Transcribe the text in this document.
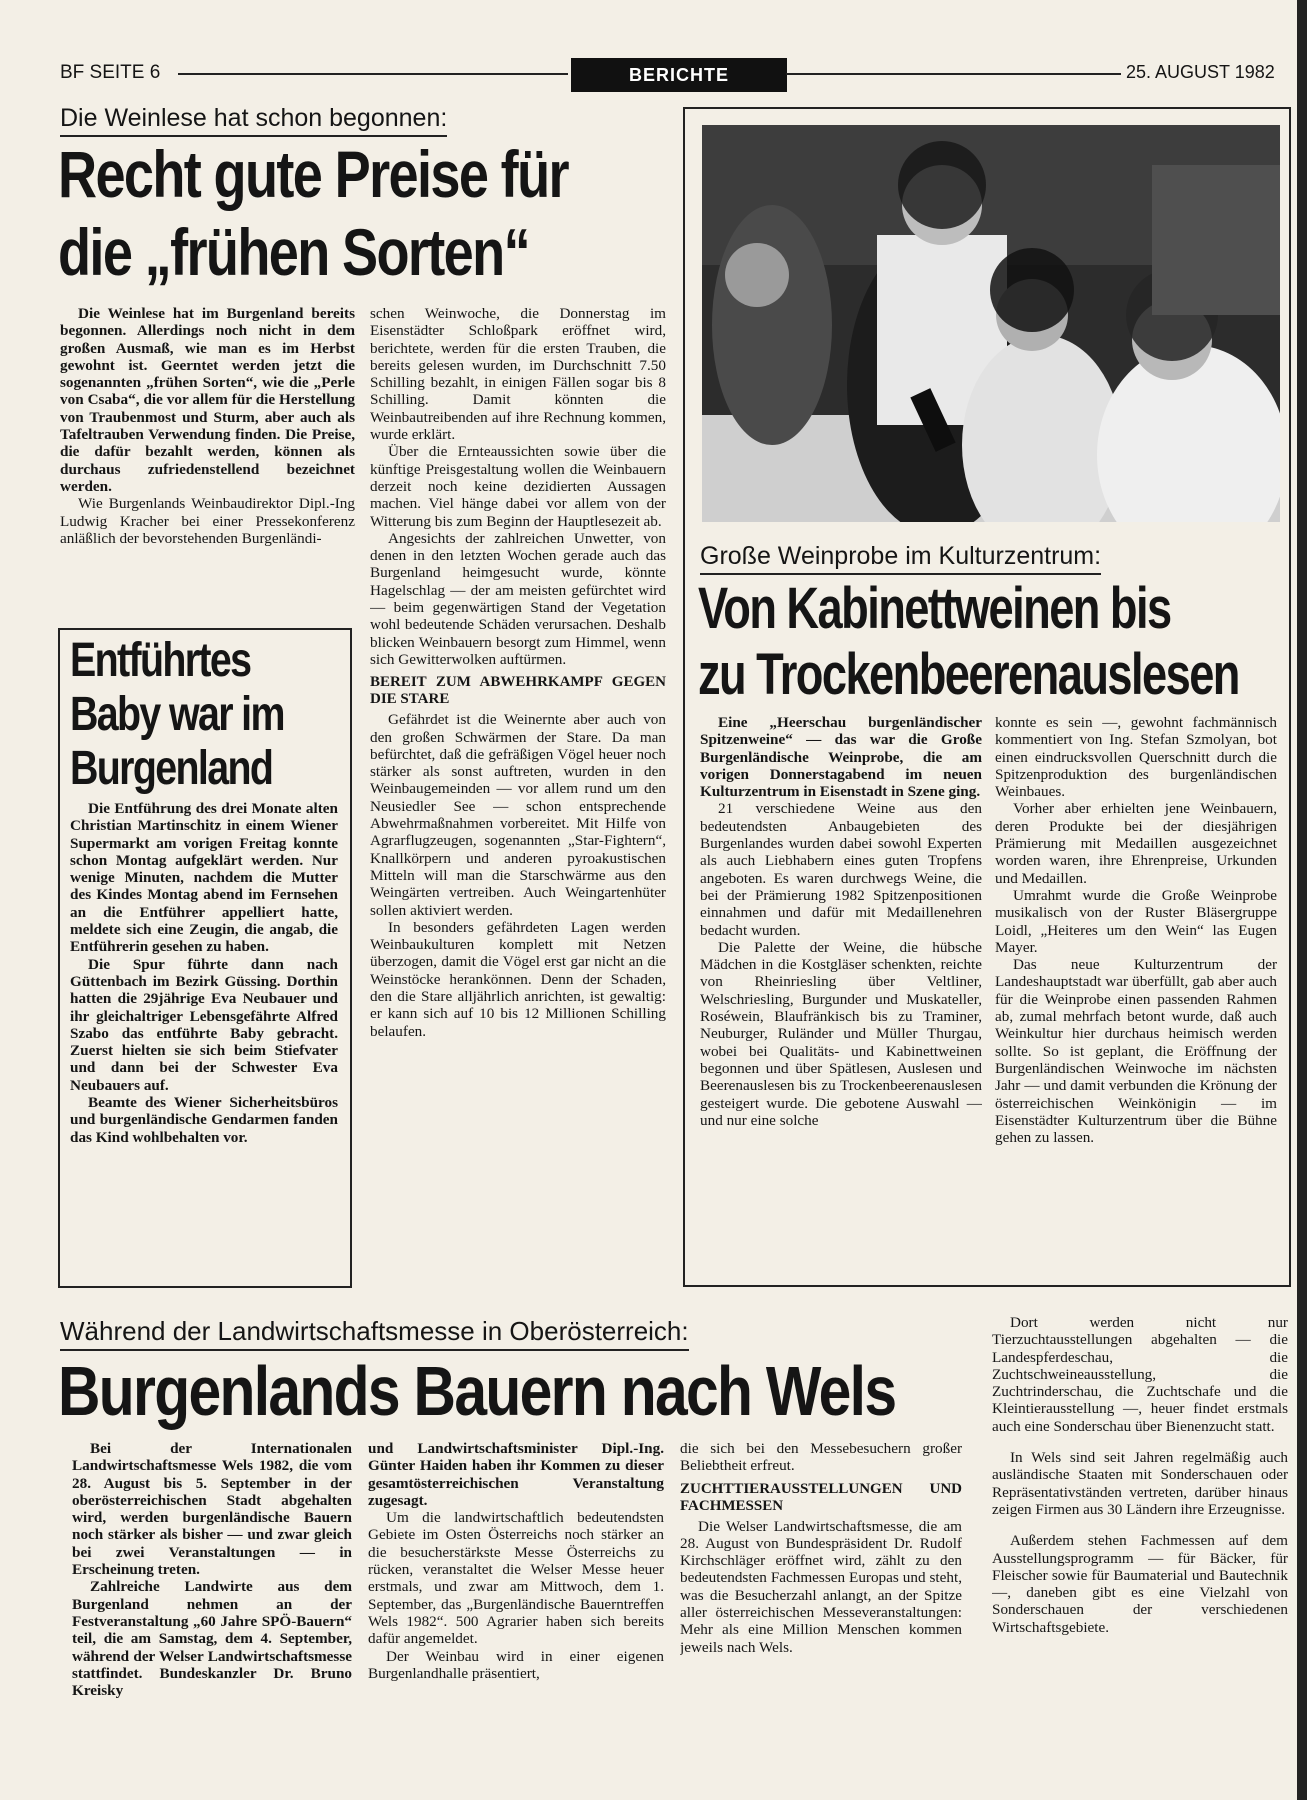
BF SEITE 6	BERICHTE	25. AUGUST 1982
Die Weinlese hat schon begonnen:
Recht gute Preise für
die „frühen Sorten“

Die Weinlese hat im Burgenland bereits begonnen. Allerdings noch nicht in dem großen Ausmaß, wie man es im Herbst gewohnt ist. Geerntet werden jetzt die sogenannten „frühen Sorten“, wie die „Perle von Csaba“, die vor allem für die Herstellung von Traubenmost und Sturm, aber auch als Tafeltrauben Verwendung finden. Die Preise, die dafür bezahlt werden, können als durchaus zufriedenstellend bezeichnet werden.

Wie Burgenlands Weinbaudirektor Dipl.-Ing Ludwig Kracher bei einer Pressekonferenz anläßlich der bevorstehenden Burgenländi-

schen Weinwoche, die Donnerstag im Eisenstädter Schloßpark eröffnet wird, berichtete, werden für die ersten Trauben, die bereits gelesen wurden, im Durchschnitt 7.50 Schilling bezahlt, in einigen Fällen sogar bis 8 Schilling. Damit könnten die Weinbautreibenden auf ihre Rechnung kommen, wurde erklärt.

Über die Ernteaussichten sowie über die künftige Preisgestaltung wollen die Weinbauern derzeit noch keine dezidierten Aussagen machen. Viel hänge dabei vor allem von der Witterung bis zum Beginn der Hauptlesezeit ab.

Angesichts der zahlreichen Unwetter, von denen in den letzten Wochen gerade auch das Burgenland heimgesucht wurde, könnte Hagelschlag — der am meisten gefürchtet wird — beim gegenwärtigen Stand der Vegetation wohl bedeutende Schäden verursachen. Deshalb blicken Weinbauern besorgt zum Himmel, wenn sich Gewitterwolken auftürmen.

BEREIT ZUM ABWEHRKAMPF GEGEN DIE STARE

Gefährdet ist die Weinernte aber auch von den großen Schwärmen der Stare. Da man befürchtet, daß die gefräßigen Vögel heuer noch stärker als sonst auftreten, wurden in den Weinbaugemeinden — vor allem rund um den Neusiedler See — schon entsprechende Abwehrmaßnahmen vorbereitet. Mit Hilfe von Agrarflugzeugen, sogenannten „Star-Fightern“, Knallkörpern und anderen pyroakustischen Mitteln will man die Starschwärme aus den Weingärten vertreiben. Auch Weingartenhüter sollen aktiviert werden.

In besonders gefährdeten Lagen werden Weinbaukulturen komplett mit Netzen überzogen, damit die Vögel erst gar nicht an die Weinstöcke herankönnen. Denn der Schaden, den die Stare alljährlich anrichten, ist gewaltig: er kann sich auf 10 bis 12 Millionen Schilling belaufen.

Entführtes
Baby war im
Burgenland

Die Entführung des drei Monate alten Christian Martinschitz in einem Wiener Supermarkt am vorigen Freitag konnte schon Montag aufgeklärt werden. Nur wenige Minuten, nachdem die Mutter des Kindes Montag abend im Fernsehen an die Entführer appelliert hatte, meldete sich eine Zeugin, die angab, die Entführerin gesehen zu haben.

Die Spur führte dann nach Güttenbach im Bezirk Güssing. Dorthin hatten die 29jährige Eva Neubauer und ihr gleichaltriger Lebensgefährte Alfred Szabo das entführte Baby gebracht. Zuerst hielten sie sich beim Stiefvater und dann bei der Schwester Eva Neubauers auf.

Beamte des Wiener Sicherheitsbüros und burgenländische Gendarmen fanden das Kind wohlbehalten vor.

Große Weinprobe im Kulturzentrum:
Von Kabinettweinen bis
zu Trockenbeerenauslesen

Eine „Heerschau burgenländischer Spitzenweine“ — das war die Große Burgenländische Weinprobe, die am vorigen Donnerstagabend im neuen Kulturzentrum in Eisenstadt in Szene ging.

21 verschiedene Weine aus den bedeutendsten Anbaugebieten des Burgenlandes wurden dabei sowohl Experten als auch Liebhabern eines guten Tropfens angeboten. Es waren durchwegs Weine, die bei der Prämierung 1982 Spitzenpositionen einnahmen und dafür mit Medaillenehren bedacht wurden.

Die Palette der Weine, die hübsche Mädchen in die Kostgläser schenkten, reichte von Rheinriesling über Veltliner, Welschriesling, Burgunder und Muskateller, Roséwein, Blaufränkisch bis zu Traminer, Neuburger, Ruländer und Müller Thurgau, wobei bei Qualitäts- und Kabinettweinen begonnen und über Spätlesen, Auslesen und Beerenauslesen bis zu Trockenbeerenauslesen gesteigert wurde. Die gebotene Auswahl — und nur eine solche

konnte es sein —, gewohnt fachmännisch kommentiert von Ing. Stefan Szmolyan, bot einen eindrucksvollen Querschnitt durch die Spitzenproduktion des burgenländischen Weinbaues.

Vorher aber erhielten jene Weinbauern, deren Produkte bei der diesjährigen Prämierung mit Medaillen ausgezeichnet worden waren, ihre Ehrenpreise, Urkunden und Medaillen.

Umrahmt wurde die Große Weinprobe musikalisch von der Ruster Bläsergruppe Loidl, „Heiteres um den Wein“ las Eugen Mayer.

Das neue Kulturzentrum der Landeshauptstadt war überfüllt, gab aber auch für die Weinprobe einen passenden Rahmen ab, zumal mehrfach betont wurde, daß auch Weinkultur hier durchaus heimisch werden sollte. So ist geplant, die Eröffnung der Burgenländischen Weinwoche im nächsten Jahr — und damit verbunden die Krönung der österreichischen Weinkönigin — im Eisenstädter Kulturzentrum über die Bühne gehen zu lassen.

Während der Landwirtschaftsmesse in Oberösterreich:
Burgenlands Bauern nach Wels

Bei der Internationalen Landwirtschaftsmesse Wels 1982, die vom 28. August bis 5. September in der oberösterreichischen Stadt abgehalten wird, werden burgenländische Bauern noch stärker als bisher — und zwar gleich bei zwei Veranstaltungen — in Erscheinung treten.

Zahlreiche Landwirte aus dem Burgenland nehmen an der Festveranstaltung „60 Jahre SPÖ-Bauern“ teil, die am Samstag, dem 4. September, während der Welser Landwirtschaftsmesse stattfindet. Bundeskanzler Dr. Bruno Kreisky

und Landwirtschaftsminister Dipl.-Ing. Günter Haiden haben ihr Kommen zu dieser gesamtösterreichischen Veranstaltung zugesagt.

Um die landwirtschaftlich bedeutendsten Gebiete im Osten Österreichs noch stärker an die besucherstärkste Messe Österreichs zu rücken, veranstaltet die Welser Messe heuer erstmals, und zwar am Mittwoch, dem 1. September, das „Burgenländische Bauerntreffen Wels 1982“. 500 Agrarier haben sich bereits dafür angemeldet.

Der Weinbau wird in einer eigenen Burgenlandhalle präsentiert,

die sich bei den Messebesuchern großer Beliebtheit erfreut.

ZUCHTTIERAUSSTELLUNGEN UND FACHMESSEN

Die Welser Landwirtschaftsmesse, die am 28. August von Bundespräsident Dr. Rudolf Kirchschläger eröffnet wird, zählt zu den bedeutendsten Fachmessen Europas und steht, was die Besucherzahl anlangt, an der Spitze aller österreichischen Messeveranstaltungen: Mehr als eine Million Menschen kommen jeweils nach Wels.

Dort werden nicht nur Tierzuchtausstellungen abgehalten — die Landespferdeschau, die Zuchtschweineausstellung, die Zuchtrinderschau, die Zuchtschafe und die Kleintierausstellung —, heuer findet erstmals auch eine Sonderschau über Bienenzucht statt.

In Wels sind seit Jahren regelmäßig auch ausländische Staaten mit Sonderschauen oder Repräsentativständen vertreten, darüber hinaus zeigen Firmen aus 30 Ländern ihre Erzeugnisse.

Außerdem stehen Fachmessen auf dem Ausstellungsprogramm — für Bäcker, für Fleischer sowie für Baumaterial und Bautechnik —, daneben gibt es eine Vielzahl von Sonderschauen der verschiedenen Wirtschaftsgebiete.
